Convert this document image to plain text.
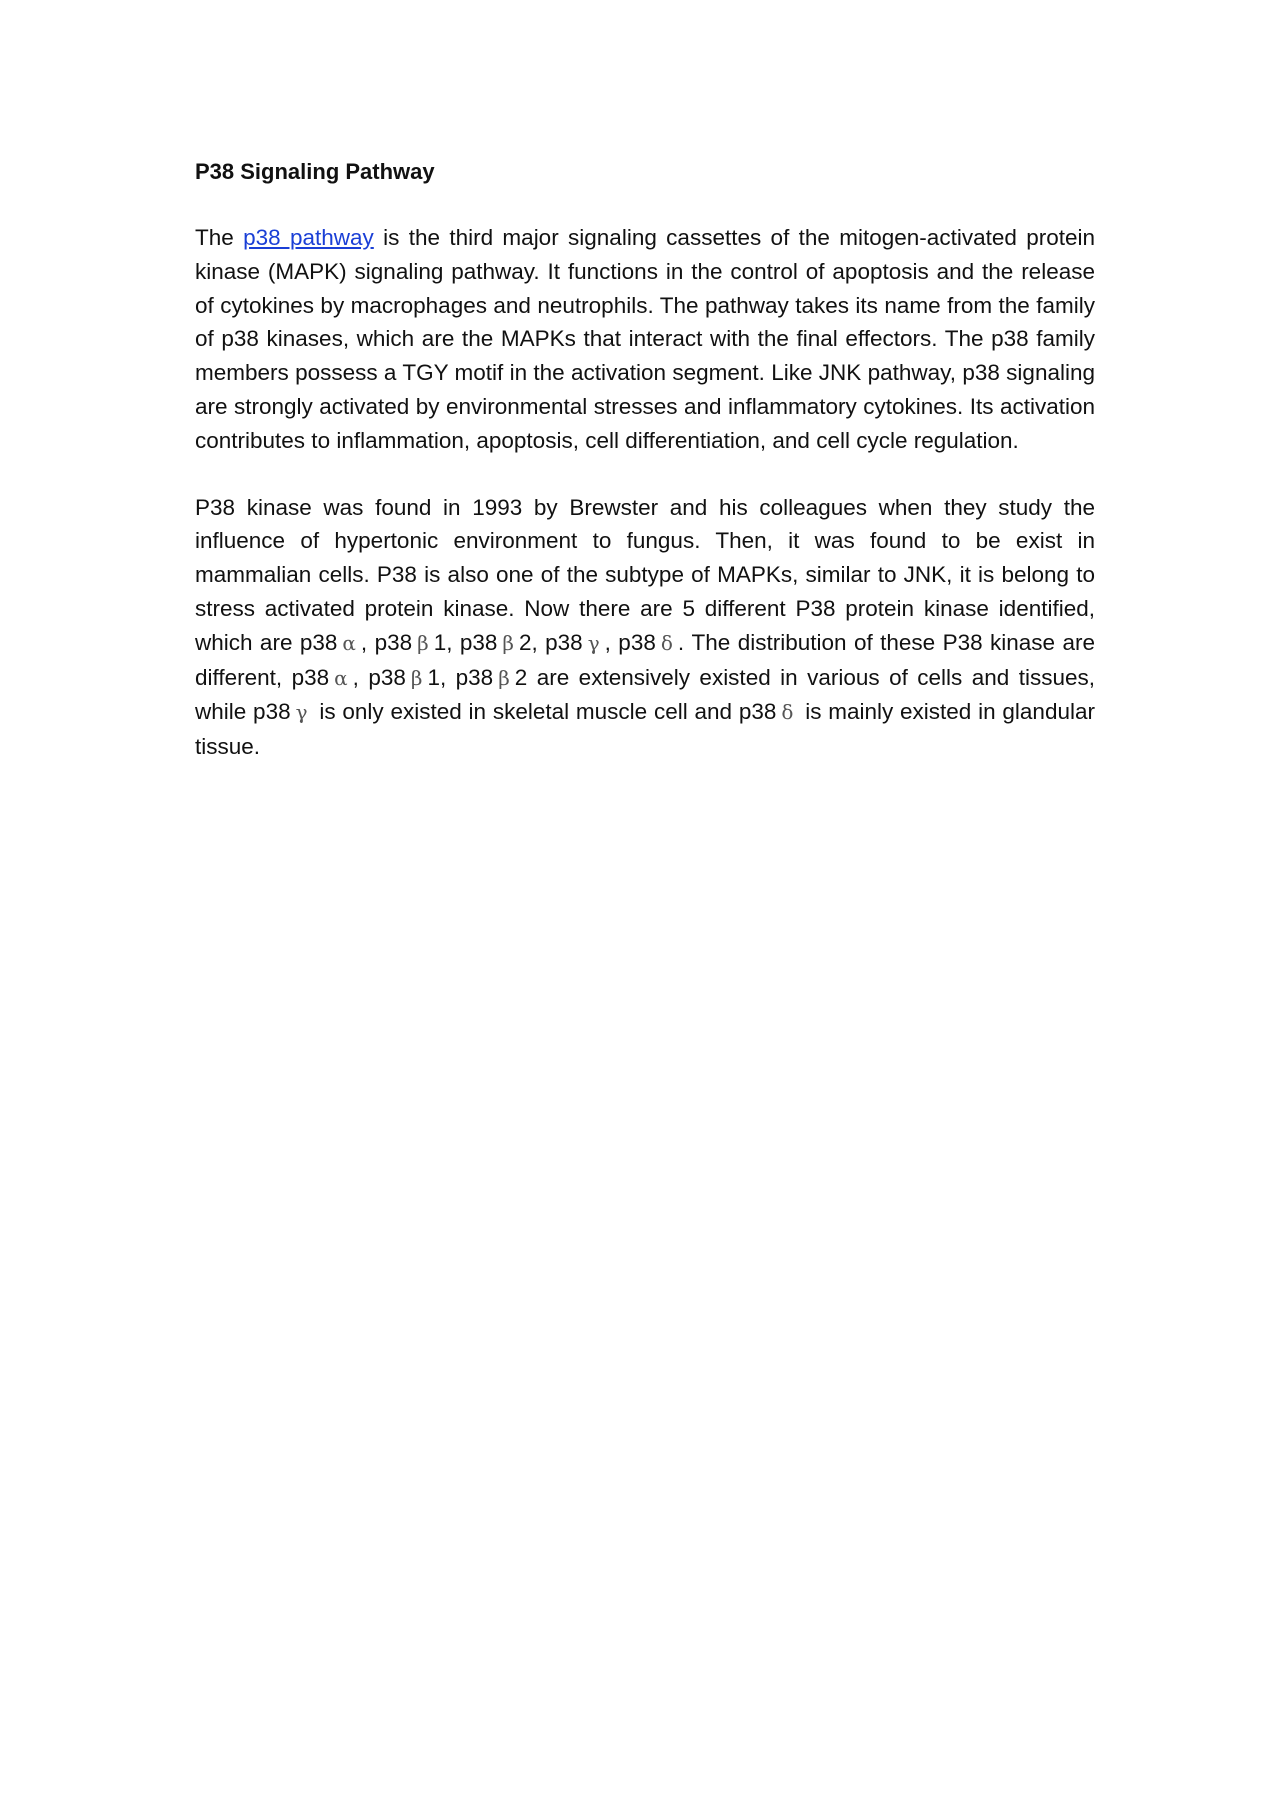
P38 Signaling Pathway

The p38 pathway is the third major signaling cassettes of the mitogen-activated protein kinase (MAPK) signaling pathway. It functions in the control of apoptosis and the release of cytokines by macrophages and neutrophils. The pathway takes its name from the family of p38 kinases, which are the MAPKs that interact with the final effectors. The p38 family members possess a TGY motif in the activation segment. Like JNK pathway, p38 signaling are strongly activated by environmental stresses and inflammatory cytokines. Its activation contributes to inflammation, apoptosis, cell differentiation, and cell cycle regulation.

P38 kinase was found in 1993 by Brewster and his colleagues when they study the influence of hypertonic environment to fungus. Then, it was found to be exist in mammalian cells. P38 is also one of the subtype of MAPKs, similar to JNK, it is belong to stress activated protein kinase. Now there are 5 different P38 protein kinase identified, which are p38 α , p38 β 1, p38 β 2, p38 γ , p38 δ . The distribution of these P38 kinase are different, p38 α , p38 β 1, p38 β 2 are extensively existed in various of cells and tissues, while p38 γ is only existed in skeletal muscle cell and p38 δ is mainly existed in glandular tissue.
